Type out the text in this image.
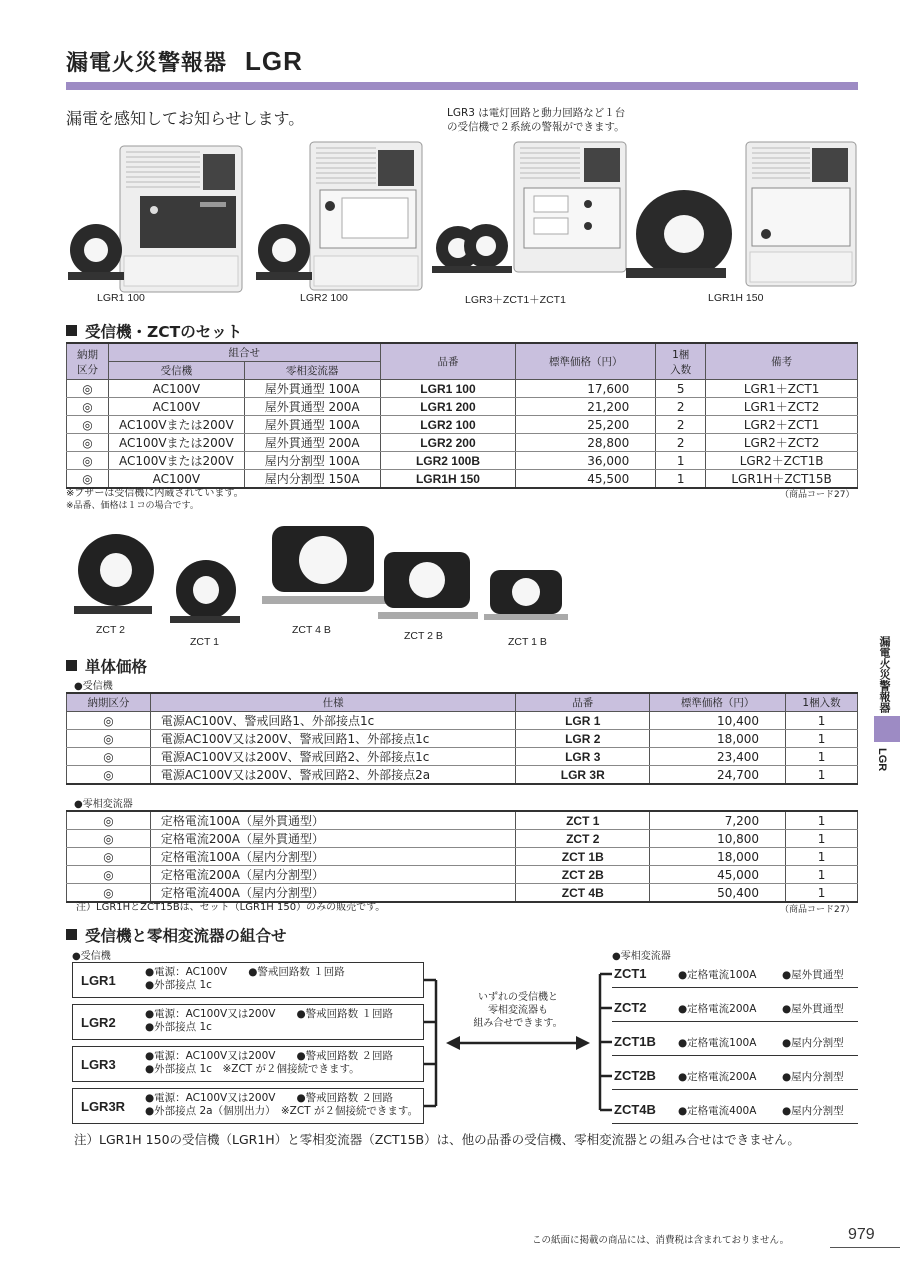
漏電火災警報器 LGR
漏電を感知してお知らせします。	LGR3 は電灯回路と動力回路など１台
の受信機で２系統の警報ができます。
LGR1 100	LGR2 100	LGR3＋ZCT1＋ZCT1	LGR1H 150
受信機・ZCTのセット
納期
区分	組合せ		品番	標準価格（円）	1梱
入数	備考
	受信機	零相変流器				
◎	AC100V	屋外貫通型 100A	LGR1 100	17,600	5	LGR1＋ZCT1
◎	AC100V	屋外貫通型 200A	LGR1 200	21,200	2	LGR1＋ZCT2
◎	AC100Vまたは200V	屋外貫通型 100A	LGR2 100	25,200	2	LGR2＋ZCT1
◎	AC100Vまたは200V	屋外貫通型 200A	LGR2 200	28,800	2	LGR2＋ZCT2
◎	AC100Vまたは200V	屋内分割型 100A	LGR2 100B	36,000	1	LGR2＋ZCT1B
◎	AC100V	屋内分割型 150A	LGR1H 150	45,500	1	LGR1H＋ZCT15B
※ブザーは受信機に内蔵されています。
※品番、価格は１コの場合です。
（商品コード27）
ZCT 2
ZCT 1
ZCT 4 B	ZCT 2 B	ZCT 1 B
単体価格
●受信機
納期区分	仕様	品番	標準価格（円）	1梱入数
◎	電源AC100V、警戒回路1、外部接点1c	LGR 1	10,400	1
◎	電源AC100V又は200V、警戒回路1、外部接点1c	LGR 2	18,000	1
◎	電源AC100V又は200V、警戒回路2、外部接点1c	LGR 3	23,400	1
◎	電源AC100V又は200V、警戒回路2、外部接点2a	LGR 3R	24,700	1
●零相変流器
◎	定格電流100A（屋外貫通型）	ZCT 1	7,200	1
◎	定格電流200A（屋外貫通型）	ZCT 2	10,800	1
◎	定格電流100A（屋内分割型）	ZCT 1B	18,000	1
◎	定格電流200A（屋内分割型）	ZCT 2B	45,000	1
◎	定格電流400A（屋内分割型）	ZCT 4B	50,400	1
注）LGR1HとZCT15Bは、セット（LGR1H 150）のみの販売です。	（商品コード27）
受信機と零相変流器の組合せ
●受信機	●零相変流器
LGR1
●電源：AC100V　　●警戒回路数 １回路
●外部接点 1c
LGR2
●電源：AC100V又は200V　　●警戒回路数 １回路
●外部接点 1c
LGR3
●電源：AC100V又は200V　　●警戒回路数 ２回路
●外部接点 1c　※ZCT が２個接続できます。
LGR3R
●電源：AC100V又は200V　　●警戒回路数 ２回路
●外部接点 2a（個別出力）　※ZCT が２個接続できます。
いずれの受信機と
零相変流器も
組み合せできます。
ZCT1	●定格電流100A ●屋外貫通型
ZCT2	●定格電流200A ●屋外貫通型
ZCT1B ●定格電流100A ●屋内分割型
ZCT2B ●定格電流200A ●屋内分割型
ZCT4B ●定格電流400A ●屋内分割型
注）LGR1H 150の受信機（LGR1H）と零相変流器（ZCT15B）は、他の品番の受信機、零相変流器との組み合せはできません。
漏電火災警報器
LGR
この紙面に掲載の商品には、消費税は含まれておりません。	979
